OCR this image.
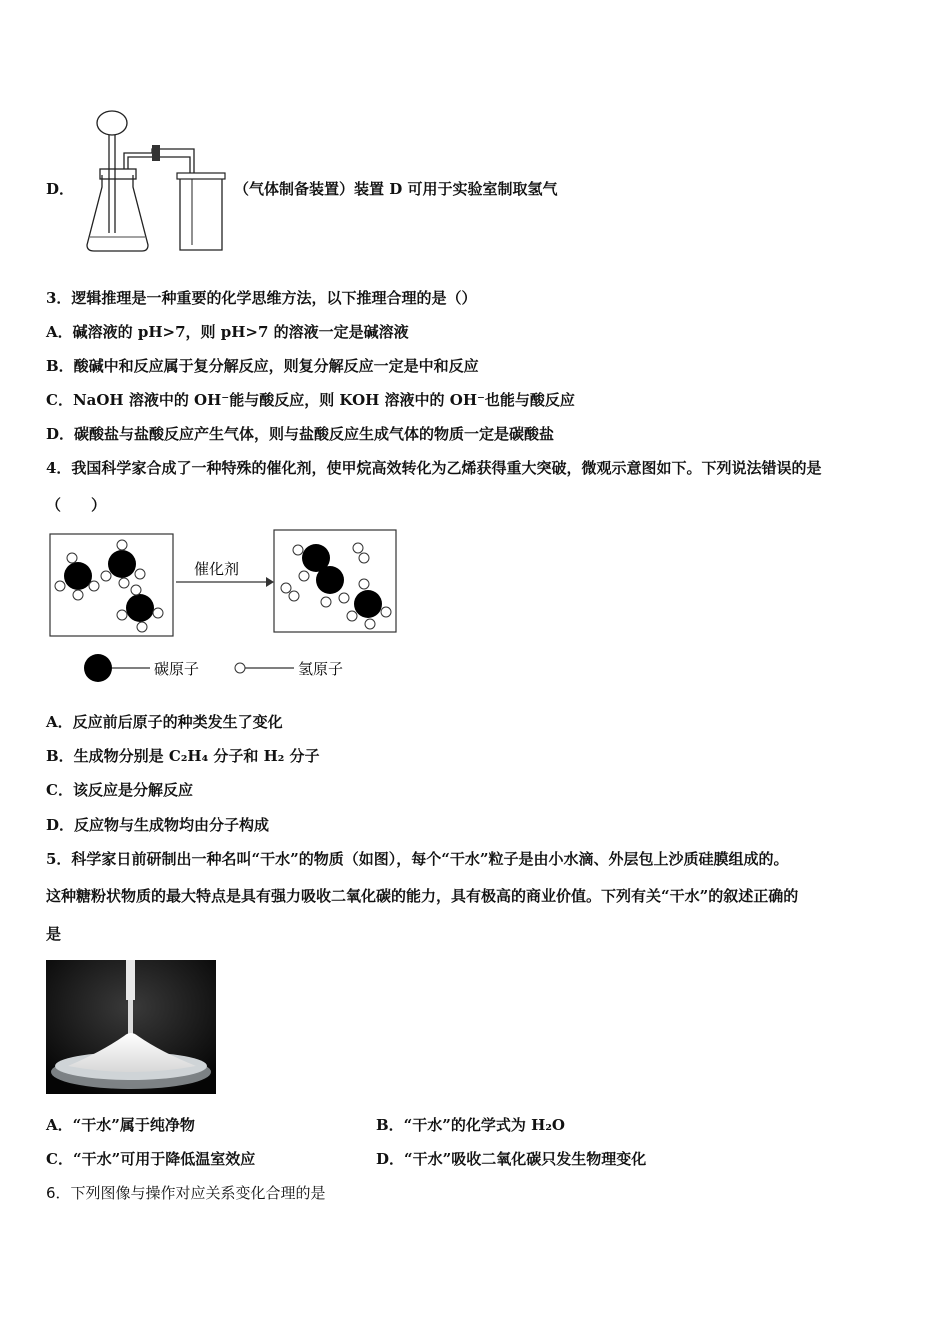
D．	（气体制备装置）装置 D 可用于实验室制取氢气
3．逻辑推理是一种重要的化学思维方法，以下推理合理的是（）
A．碱溶液的 pH>7，则 pH>7 的溶液一定是碱溶液
B．酸碱中和反应属于复分解反应，则复分解反应一定是中和反应
C．NaOH 溶液中的 OH⁻能与酸反应，则 KOH 溶液中的 OH⁻也能与酸反应
D．碳酸盐与盐酸反应产生气体，则与盐酸反应生成气体的物质一定是碳酸盐
4．我国科学家合成了一种特殊的催化剂，使甲烷高效转化为乙烯获得重大突破，微观示意图如下。下列说法错误的是
（　　）
催化剂
碳原子	氢原子
A．反应前后原子的种类发生了变化
B．生成物分别是 C₂H₄ 分子和 H₂ 分子
C．该反应是分解反应
D．反应物与生成物均由分子构成
5．科学家日前研制出一种名叫“干水”的物质（如图），每个“干水”粒子是由小水滴、外层包上沙质硅膜组成的。
这种糖粉状物质的最大特点是具有强力吸收二氧化碳的能力，具有极高的商业价值。下列有关“干水”的叙述正确的
是
A．“干水”属于纯净物	B．“干水”的化学式为 H₂O
C．“干水”可用于降低温室效应	D．“干水”吸收二氧化碳只发生物理变化
6．下列图像与操作对应关系变化合理的是
